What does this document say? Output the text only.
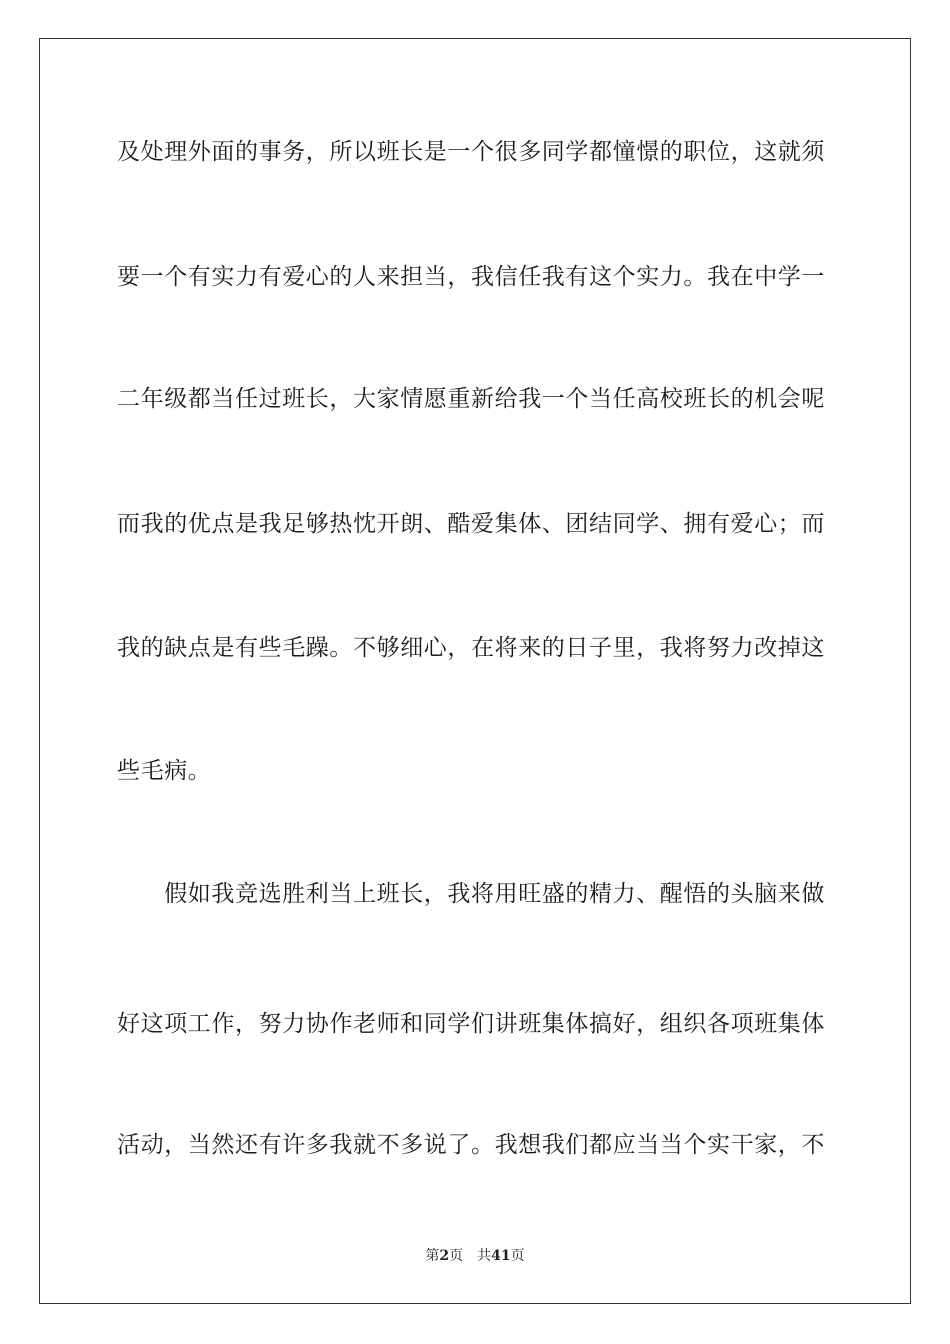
及处理外面的事务，所以班长是一个很多同学都憧憬的职位，这就须
要一个有实力有爱心的人来担当，我信任我有这个实力。我在中学一
二年级都当任过班长，大家情愿重新给我一个当任高校班长的机会呢
而我的优点是我足够热忱开朗、酷爱集体、团结同学、拥有爱心；而
我的缺点是有些毛躁。不够细心，在将来的日子里，我将努力改掉这
些毛病。
　　假如我竞选胜利当上班长，我将用旺盛的精力、醒悟的头脑来做
好这项工作，努力协作老师和同学们讲班集体搞好，组织各项班集体
活动，当然还有许多我就不多说了。我想我们都应当当个实干家，不
第2页 共41页
